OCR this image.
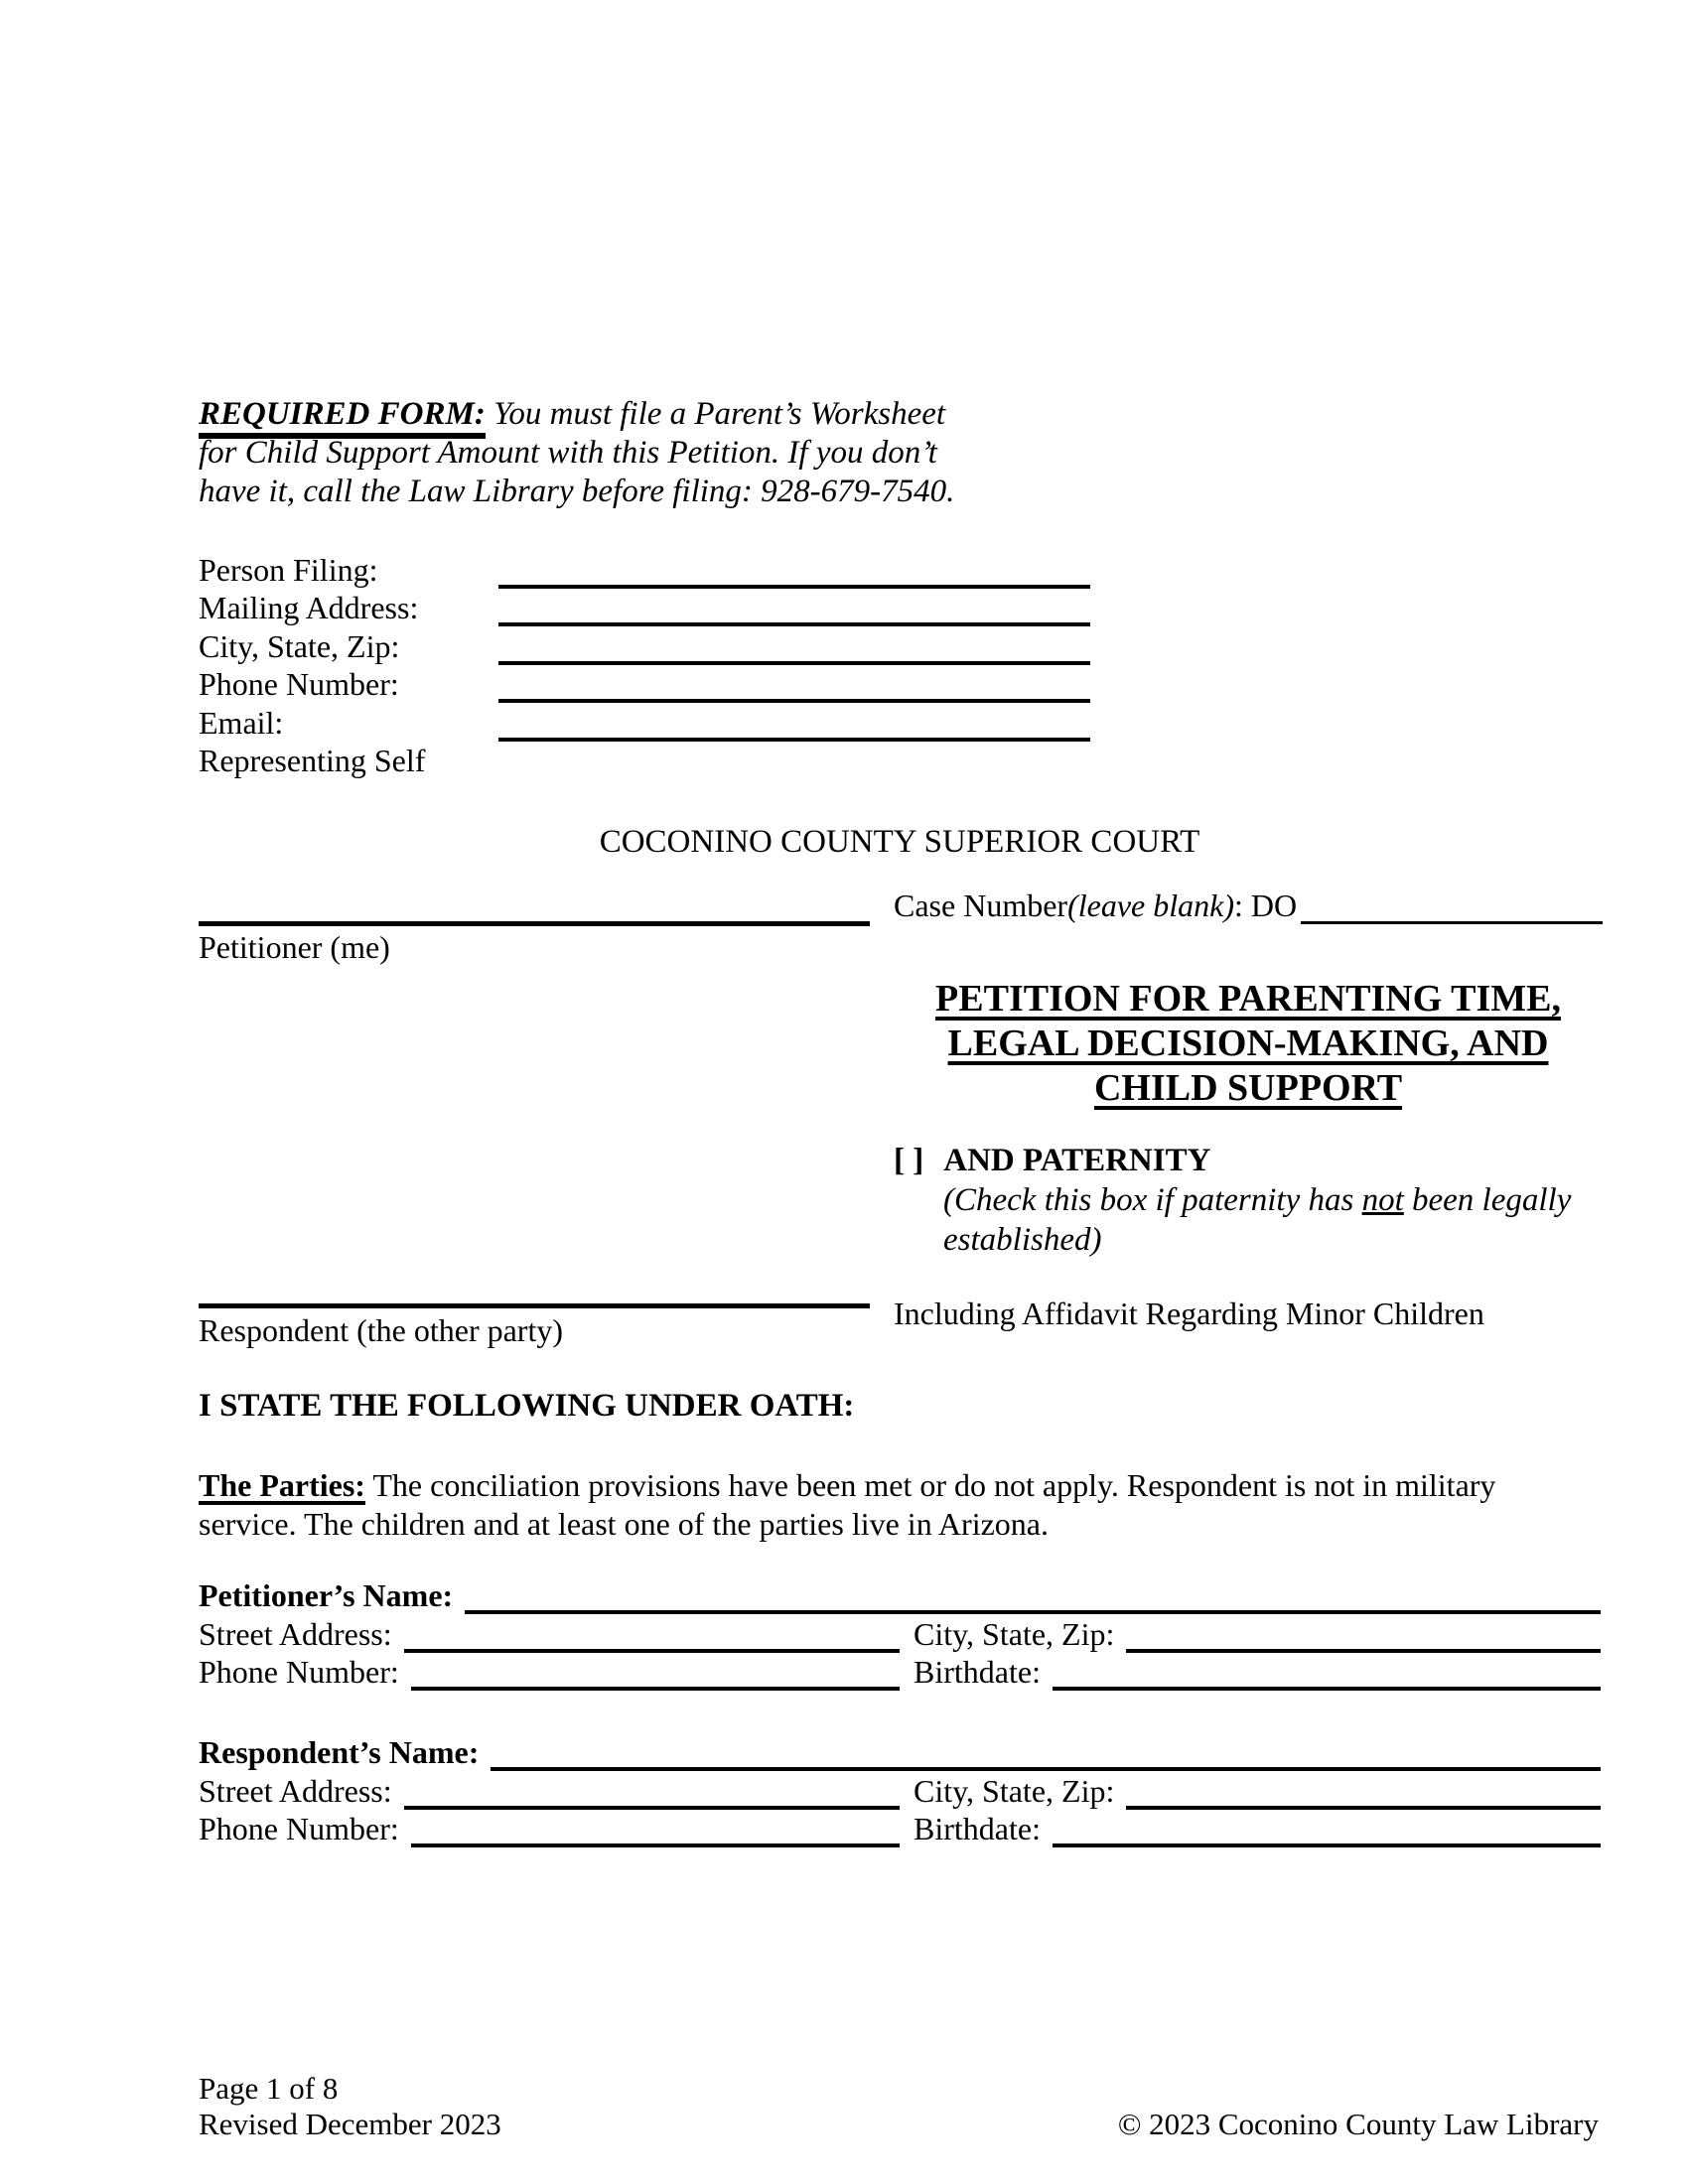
REQUIRED FORM: You must file a Parent’s Worksheet
for Child Support Amount with this Petition. If you don’t
have it, call the Law Library before filing: 928-679-7540.
Person Filing:
Mailing Address:
City, State, Zip:
Phone Number:
Email:
Representing Self
COCONINO COUNTY SUPERIOR COURT
Petitioner (me)
Case Number (leave blank) : DO
PETITION FOR PARENTING TIME,
LEGAL DECISION-MAKING, AND
CHILD SUPPORT
[ ] AND PATERNITY
(Check this box if paternity has not been legally
established)
Respondent (the other party)	Including Affidavit Regarding Minor Children
I STATE THE FOLLOWING UNDER OATH:
The Parties: The conciliation provisions have been met or do not apply. Respondent is not in military service. The children and at least one of the parties live in Arizona.
Petitioner’s Name:
Street Address:	City, State, Zip:
Phone Number:	Birthdate:
Respondent’s Name:
Street Address:	City, State, Zip:
Phone Number:	Birthdate:
Page 1 of 8
Revised December 2023	© 2023 Coconino County Law Library
